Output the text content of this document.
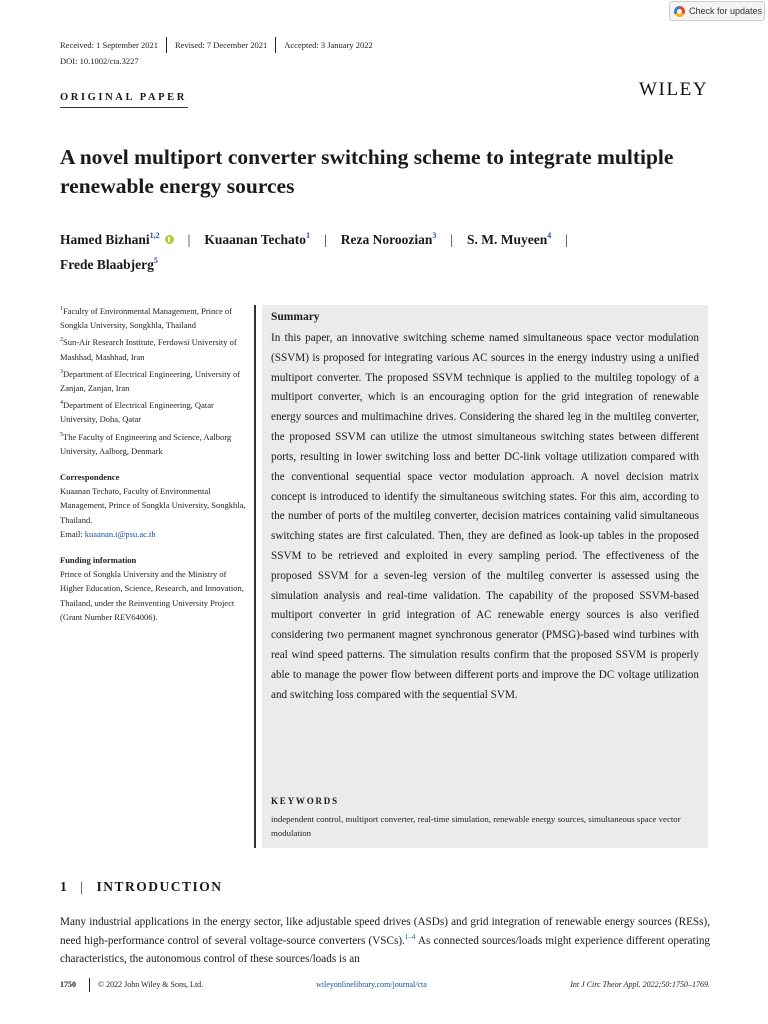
Check for updates
Received: 1 September 2021 Revised: 7 December 2021 Accepted: 3 January 2022
DOI: 10.1002/cta.3227
ORIGINAL PAPER	WILEY
A novel multiport converter switching scheme to integrate multiple renewable energy sources
Hamed Bizhani$^{1,2}$ | Kuaanan Techato$^1$ | Reza Noroozian$^3$ | S. M. Muyeen$^4$ |
Frede Blaabjerg$^5$
$^1$Faculty of Environmental Management, Prince of Songkla University, Songkhla, Thailand
$^2$Sun-Air Research Institute, Ferdowsi University of Mashhad, Mashhad, Iran
$^3$Department of Electrical Engineering, University of Zanjan, Zanjan, Iran
$^4$Department of Electrical Engineering, Qatar University, Doha, Qatar
$^5$The Faculty of Engineering and Science, Aalborg University, Aalborg, Denmark
Correspondence
Kuaanan Techato, Faculty of Environmental Management, Prince of Songkla University, Songkhla, Thailand.
Email: kuaanan.t@psu.ac.th
Funding information
Prince of Songkla University and the Ministry of Higher Education, Science, Research, and Innovation, Thailand, under the Reinventing University Project (Grant Number REV64006).
Summary
In this paper, an innovative switching scheme named simultaneous space vector modulation (SSVM) is proposed for integrating various AC sources in the energy industry using a unified multiport converter. The proposed SSVM technique is applied to the multileg topology of a multiport converter, which is an encouraging option for the grid integration of renewable energy sources and multimachine drives. Considering the shared leg in the multileg converter, the proposed SSVM can utilize the utmost simultaneous switching states between different ports, resulting in lower switching loss and better DC-link voltage utilization compared with the conventional sequential space vector modulation approach. A novel decision matrix concept is introduced to identify the simultaneous switching states. For this aim, according to the number of ports of the multileg converter, decision matrices containing valid simultaneous switching states are first calculated. Then, they are defined as look-up tables in the proposed SSVM to be retrieved and exploited in every sampling period. The effectiveness of the proposed SSVM for a seven-leg version of the multileg converter is assessed using the simulation analysis and real-time validation. The capability of the proposed SSVM-based multiport converter in grid integration of AC renewable energy sources is also verified considering two permanent magnet synchronous generator (PMSG)-based wind turbines with real wind speed patterns. The simulation results confirm that the proposed SSVM is properly able to manage the power flow between different ports and improve the DC voltage utilization and switching loss compared with the sequential SVM.
KEYWORDS
independent control, multiport converter, real-time simulation, renewable energy sources, simultaneous space vector modulation
1 | INTRODUCTION
Many industrial applications in the energy sector, like adjustable speed drives (ASDs) and grid integration of renewable energy sources (RESs), need high-performance control of several voltage-source converters (VSCs).$^{1-4}$ As connected sources/loads might experience different operating characteristics, the autonomous control of these sources/loads is an
1750	© 2022 John Wiley & Sons, Ltd.	wileyonlinelibrary.com/journal/cta	Int J Circ Theor Appl. 2022;50:1750–1769.
